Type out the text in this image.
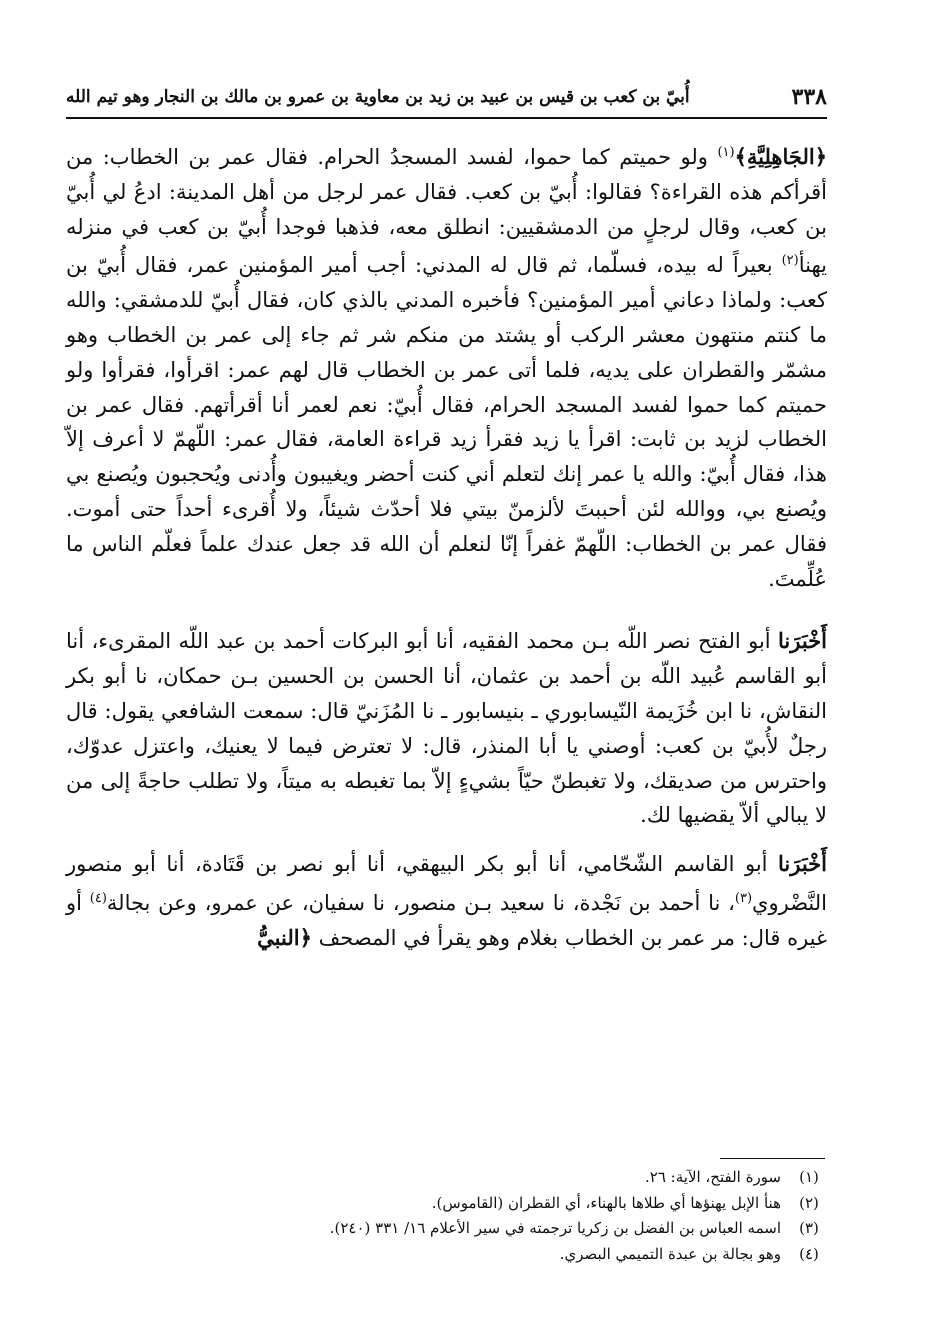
٣٣٨
أُبيّ بن كعب بن قيس بن عبيد بن زيد بن معاوية بن عمرو بن مالك بن النجار وهو تيم الله

﴿الجَاهِلِيَّةِ﴾$^{(١)}$ ولو حميتم كما حموا، لفسد المسجدُ الحرام. فقال عمر بن الخطاب: من أقرأكم هذه القراءة؟ فقالوا: أُبيّ بن كعب. فقال عمر لرجل من أهل المدينة: ادعُ لي أُبيّ بن كعب، وقال لرجلٍ من الدمشقيين: انطلق معه، فذهبا فوجدا أُبيّ بن كعب في منزله يهنأ$^{(٢)}$ بعيراً له بيده، فسلّما، ثم قال له المدني: أجب أمير المؤمنين عمر، فقال أُبيّ بن كعب: ولماذا دعاني أمير المؤمنين؟ فأخبره المدني بالذي كان، فقال أُبيّ للدمشقي: والله ما كنتم منتهون معشر الركب أو يشتد من منكم شر ثم جاء إلى عمر بن الخطاب وهو مشمّر والقطران على يديه، فلما أتى عمر بن الخطاب قال لهم عمر: اقرأوا، فقرأوا ولو حميتم كما حموا لفسد المسجد الحرام، فقال أُبيّ: نعم لعمر أنا أقرأتهم. فقال عمر بن الخطاب لزيد بن ثابت: اقرأ يا زيد فقرأ زيد قراءة العامة، فقال عمر: اللّهمّ لا أعرف إلاّ هذا، فقال أُبيّ: والله يا عمر إنك لتعلم أني كنت أحضر ويغيبون وأُدنى ويُحجبون ويُصنع بي ويُصنع بي، ووالله لئن أحببتَ لألزمنّ بيتي فلا أحدّث شيئاً، ولا أُقرىء أحداً حتى أموت. فقال عمر بن الخطاب: اللّهمّ غفراً إنّا لنعلم أن الله قد جعل عندك علماً فعلّم الناس ما عُلِّمتَ.

أَخْبَرَنا أبو الفتح نصر اللّه بـن محمد الفقيه، أنا أبو البركات أحمد بن عبد اللّه المقرىء، أنا أبو القاسم عُبيد اللّه بن أحمد بن عثمان، أنا الحسن بن الحسين بـن حمكان، نا أبو بكر النقاش، نا ابن خُزَيمة النّيسابوري ـ بنيسابور ـ نا المُزَنيّ قال: سمعت الشافعي يقول: قال رجلٌ لأُبيّ بن كعب: أوصني يا أبا المنذر، قال: لا تعترض فيما لا يعنيك، واعتزل عدوّك، واحترس من صديقك، ولا تغبطنّ حيّاً بشيءٍ إلاّ بما تغبطه به ميتاً، ولا تطلب حاجةً إلى من لا يبالي ألاّ يقضيها لك.

أَخْبَرَنا أبو القاسم الشّحّامي، أنا أبو بكر البيهقي، أنا أبو نصر بن قَتَادة، أنا أبو منصور النَّضْروي$^{(٣)}$، نا أحمد بن نَجْدة، نا سعيد بـن منصور، نا سفيان، عن عمرو، وعن بجالة$^{(٤)}$ أو غيره قال: مر عمر بن الخطاب بغلام وهو يقرأ في المصحف ﴿النبيُّ

(١)
سورة الفتح، الآية: ٢٦.
(٢)
هنأ الإبل يهنؤها أي طلاها بالهناء، أي القطران (القاموس).
(٣)
اسمه العباس بن الفضل بن زكريا ترجمته في سير الأعلام ١٦/ ٣٣١ (٢٤٠).
(٤)
وهو بجالة بن عبدة التميمي البصري.
